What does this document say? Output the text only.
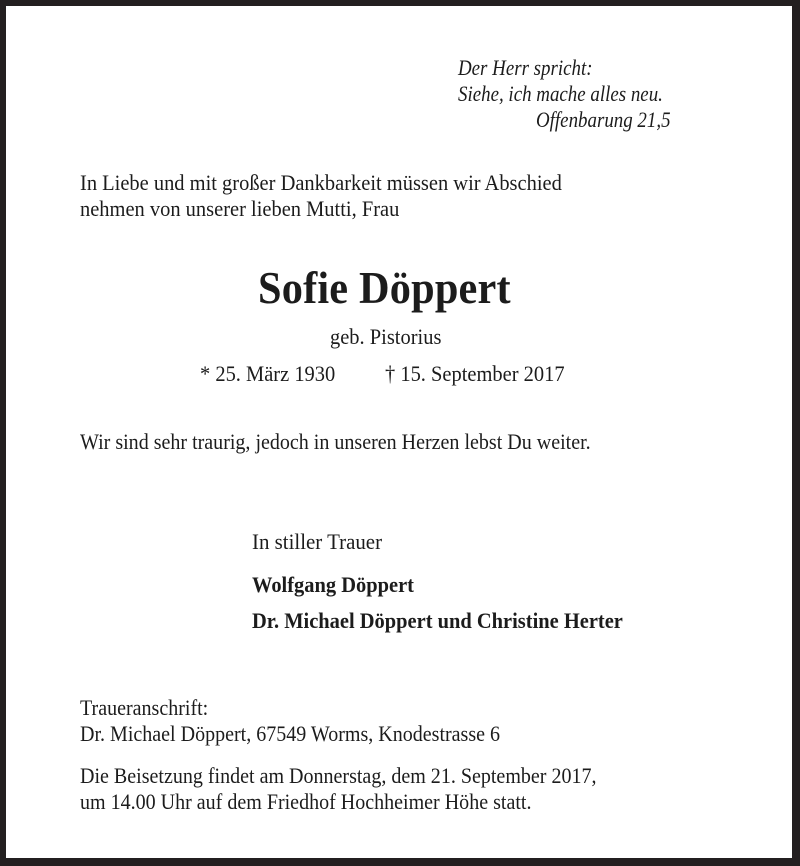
Der Herr spricht:
Siehe, ich mache alles neu.
Offenbarung 21,5
In Liebe und mit großer Dankbarkeit müssen wir Abschied
nehmen von unserer lieben Mutti, Frau
Sofie Döppert
geb. Pistorius
* 25. März 1930	† 15. September 2017
Wir sind sehr traurig, jedoch in unseren Herzen lebst Du weiter.
In stiller Trauer
Wolfgang Döppert
Dr. Michael Döppert und Christine Herter
Traueranschrift:
Dr. Michael Döppert, 67549 Worms, Knodestrasse 6
Die Beisetzung findet am Donnerstag, dem 21. September 2017,
um 14.00 Uhr auf dem Friedhof Hochheimer Höhe statt.
